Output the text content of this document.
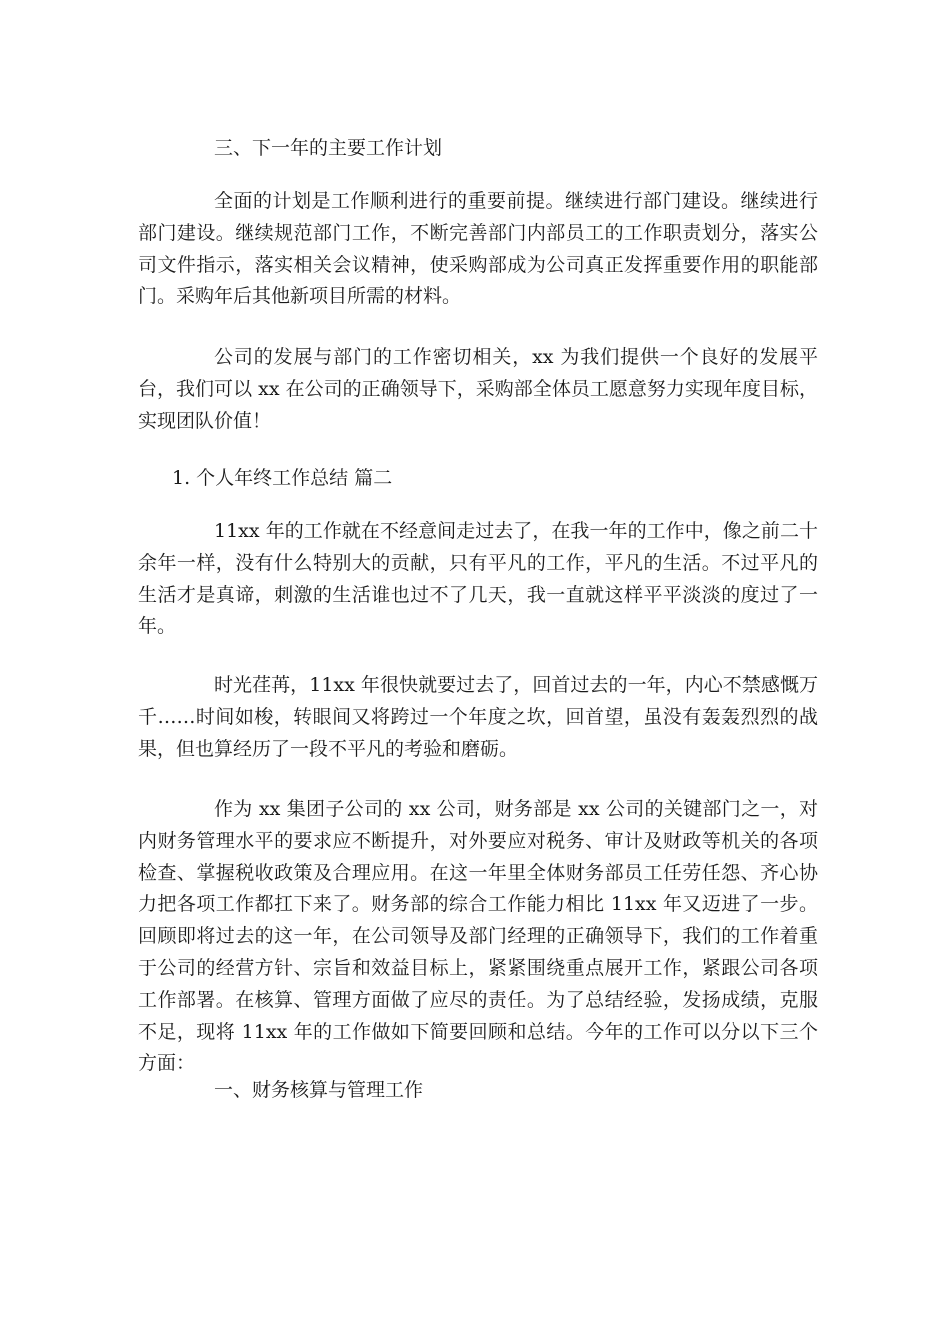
三、下一年的主要工作计划

全面的计划是工作顺利进行的重要前提。继续进行部门建设。继续进行部门建设。继续规范部门工作，不断完善部门内部员工的工作职责划分，落实公司文件指示，落实相关会议精神，使采购部成为公司真正发挥重要作用的职能部门。采购年后其他新项目所需的材料。

公司的发展与部门的工作密切相关，xx 为我们提供一个良好的发展平台，我们可以 xx 在公司的正确领导下，采购部全体员工愿意努力实现年度目标，实现团队价值！

1. 个人年终工作总结 篇二

11xx 年的工作就在不经意间走过去了，在我一年的工作中，像之前二十余年一样，没有什么特别大的贡献，只有平凡的工作，平凡的生活。不过平凡的生活才是真谛，刺激的生活谁也过不了几天，我一直就这样平平淡淡的度过了一年。

时光荏苒，11xx 年很快就要过去了，回首过去的一年，内心不禁感慨万千……时间如梭，转眼间又将跨过一个年度之坎，回首望，虽没有轰轰烈烈的战果，但也算经历了一段不平凡的考验和磨砺。

作为 xx 集团子公司的 xx 公司，财务部是 xx 公司的关键部门之一，对内财务管理水平的要求应不断提升，对外要应对税务、审计及财政等机关的各项检查、掌握税收政策及合理应用。在这一年里全体财务部员工任劳任怨、齐心协力把各项工作都扛下来了。财务部的综合工作能力相比 11xx 年又迈进了一步。回顾即将过去的这一年，在公司领导及部门经理的正确领导下，我们的工作着重于公司的经营方针、宗旨和效益目标上，紧紧围绕重点展开工作，紧跟公司各项工作部署。在核算、管理方面做了应尽的责任。为了总结经验，发扬成绩，克服不足，现将 11xx 年的工作做如下简要回顾和总结。今年的工作可以分以下三个方面：

一、财务核算与管理工作
